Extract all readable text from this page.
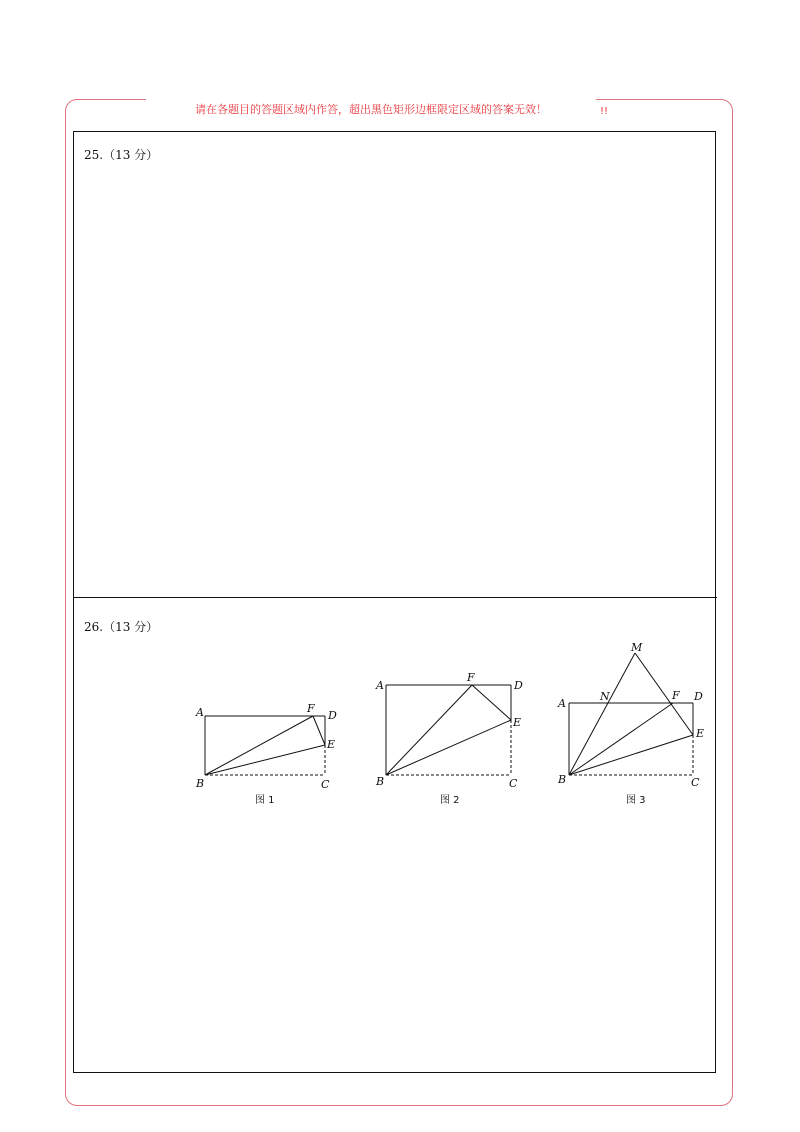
请在各题目的答题区域内作答，超出黑色矩形边框限定区域的答案无效！	!!
25.（13 分）
26.（13 分）
A	F
D
E
B	C
图 1
A
F
D
E
B	C
图 2
M
A
N	F D
E
B	C
图 3
